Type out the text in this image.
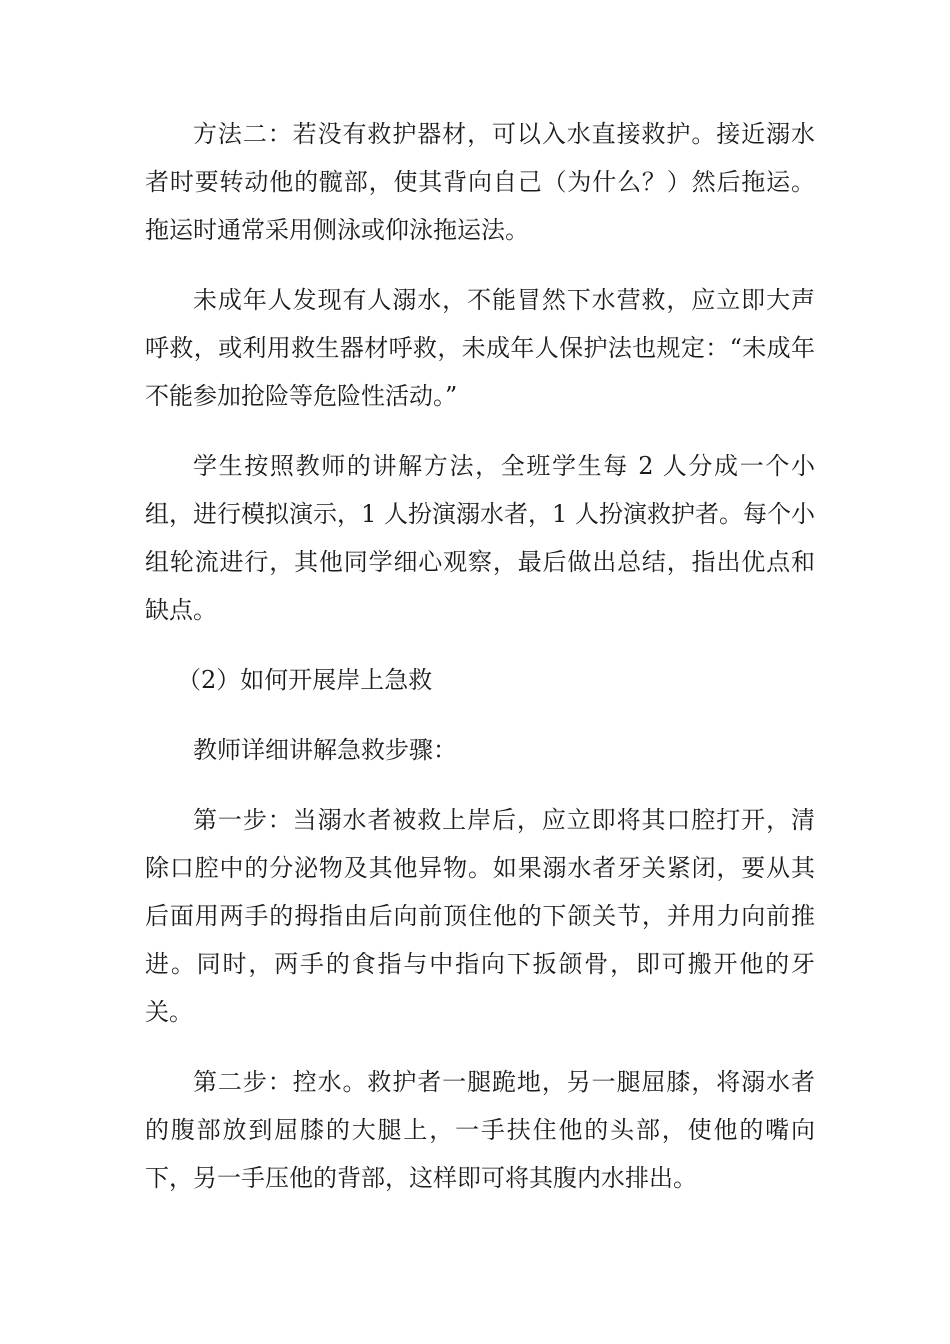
方法二：若没有救护器材，可以入水直接救护。接近溺水者时要转动他的髋部，使其背向自己（为什么？）然后拖运。拖运时通常采用侧泳或仰泳拖运法。

未成年人发现有人溺水，不能冒然下水营救，应立即大声呼救，或利用救生器材呼救，未成年人保护法也规定：“未成年不能参加抢险等危险性活动。”

学生按照教师的讲解方法，全班学生每 2 人分成一个小组，进行模拟演示，1 人扮演溺水者，1 人扮演救护者。每个小组轮流进行，其他同学细心观察，最后做出总结，指出优点和缺点。

（2）如何开展岸上急救

教师详细讲解急救步骤：

第一步：当溺水者被救上岸后，应立即将其口腔打开，清除口腔中的分泌物及其他异物。如果溺水者牙关紧闭，要从其后面用两手的拇指由后向前顶住他的下颌关节，并用力向前推进。同时，两手的食指与中指向下扳颌骨，即可搬开他的牙关。

第二步：控水。救护者一腿跪地，另一腿屈膝，将溺水者的腹部放到屈膝的大腿上，一手扶住他的头部，使他的嘴向下，另一手压他的背部，这样即可将其腹内水排出。
